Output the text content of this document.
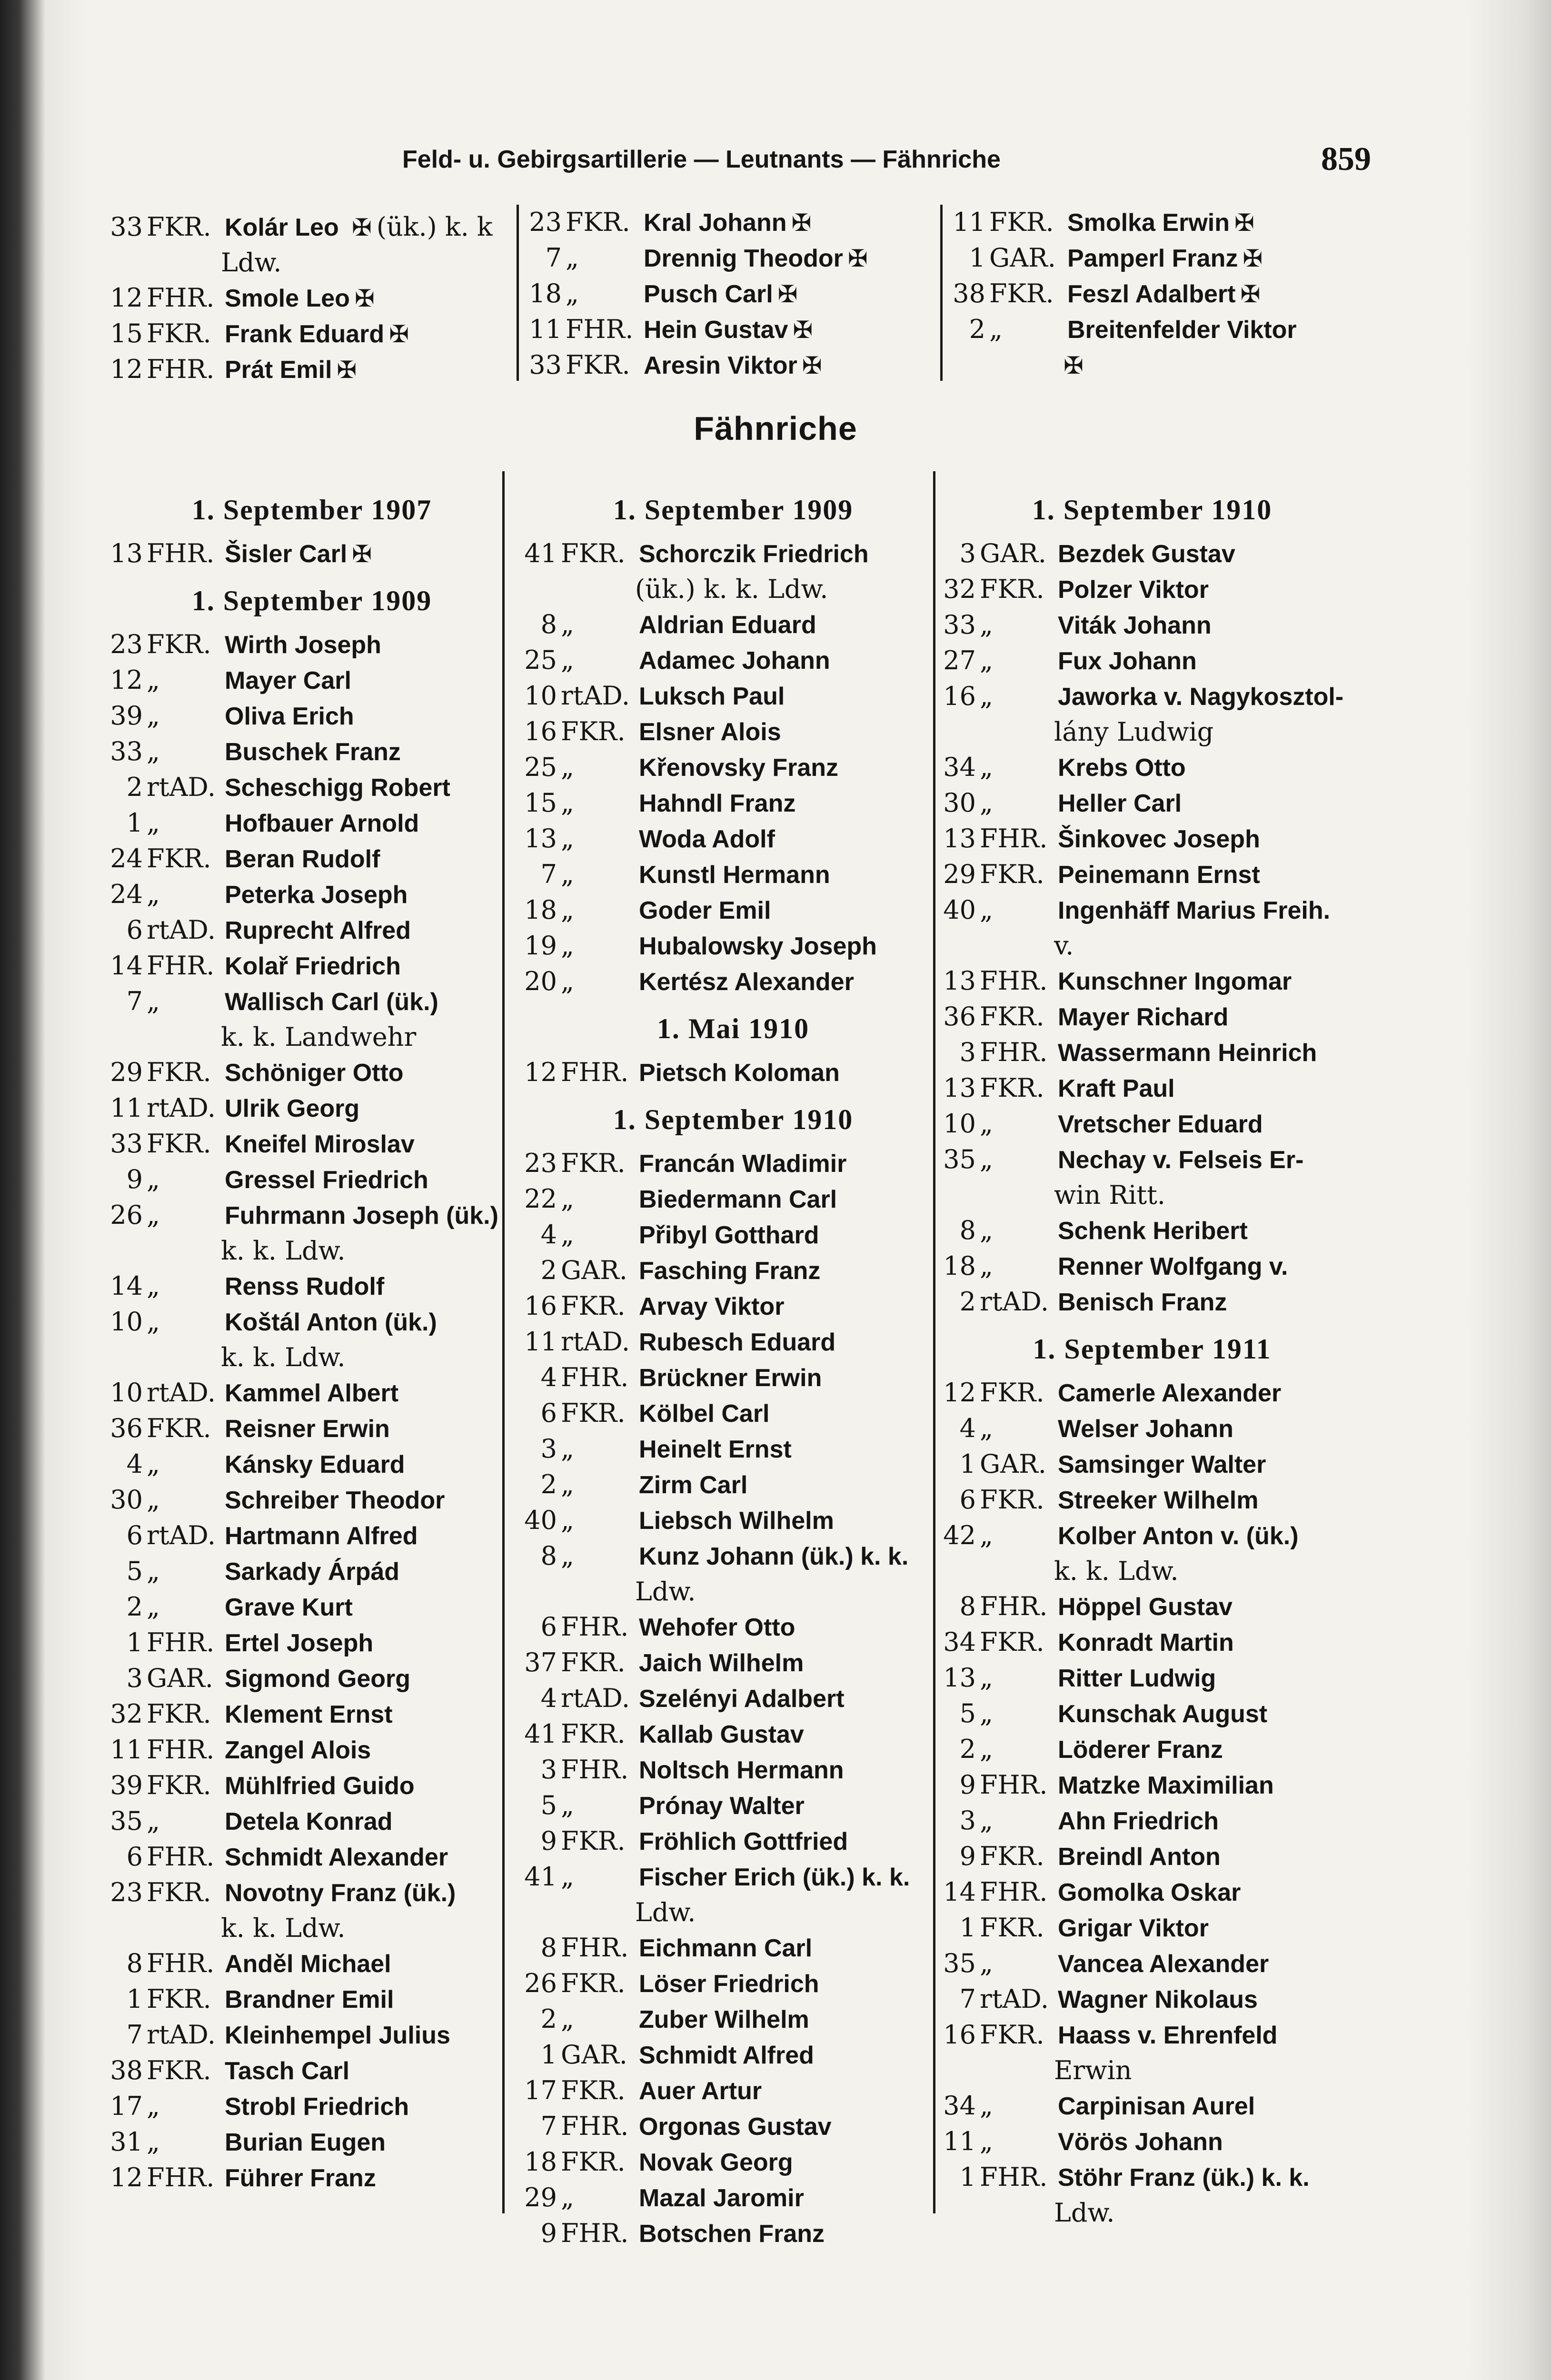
Feld- u. Gebirgsartillerie — Leutnants — Fähnriche	859
33 FKR. Kolár Leo ✠ (ük.) k. k
Ldw.
12 FHR. Smole Leo ✠
15 FKR. Frank Eduard ✠
12 FHR. Prát Emil ✠
23 FKR. Kral Johann ✠
7 „	Drennig Theodor ✠
18 „	Pusch Carl ✠
11 FHR. Hein Gustav ✠
33 FKR. Aresin Viktor ✠
11 FKR. Smolka Erwin ✠
1 GAR. Pamperl Franz ✠
38 FKR. Feszl Adalbert ✠
2 „	Breitenfelder Viktor
✠
Fähnriche
1. September 1907
13 FHR. Šisler Carl ✠
1. September 1909
23 FKR. Wirth Joseph
12 „	Mayer Carl
39 „	Oliva Erich
33 „	Buschek Franz
2 rtAD. Scheschigg Robert
1 „	Hofbauer Arnold
24 FKR. Beran Rudolf
24 „	Peterka Joseph
6 rtAD. Ruprecht Alfred
14 FHR. Kolař Friedrich
7 „	Wallisch Carl (ük.)
k. k. Landwehr
29 FKR. Schöniger Otto
11 rtAD. Ulrik Georg
33 FKR. Kneifel Miroslav
9 „	Gressel Friedrich
26 „	Fuhrmann Joseph (ük.)
k. k. Ldw.
14 „	Renss Rudolf
10 „	Koštál Anton (ük.)
k. k. Ldw.
10 rtAD. Kammel Albert
36 FKR. Reisner Erwin
4 „	Kánsky Eduard
30 „	Schreiber Theodor
6 rtAD. Hartmann Alfred
5 „	Sarkady Árpád
2 „	Grave Kurt
1 FHR. Ertel Joseph
3 GAR. Sigmond Georg
32 FKR. Klement Ernst
11 FHR. Zangel Alois
39 FKR. Mühlfried Guido
35 „	Detela Konrad
6 FHR. Schmidt Alexander
23 FKR. Novotny Franz (ük.)
k. k. Ldw.
8 FHR. Anděl Michael
1 FKR. Brandner Emil
7 rtAD. Kleinhempel Julius
38 FKR. Tasch Carl
17 „	Strobl Friedrich
31 „	Burian Eugen
12 FHR. Führer Franz
1. September 1909
41 FKR. Schorczik Friedrich
(ük.) k. k. Ldw.
8 „	Aldrian Eduard
25 „	Adamec Johann
10 rtAD. Luksch Paul
16 FKR. Elsner Alois
25 „	Křenovsky Franz
15 „	Hahndl Franz
13 „	Woda Adolf
7 „	Kunstl Hermann
18 „	Goder Emil
19 „	Hubalowsky Joseph
20 „	Kertész Alexander
1. Mai 1910
12 FHR. Pietsch Koloman
1. September 1910
23 FKR. Francán Wladimir
22 „	Biedermann Carl
4 „	Přibyl Gotthard
2 GAR. Fasching Franz
16 FKR. Arvay Viktor
11 rtAD. Rubesch Eduard
4 FHR. Brückner Erwin
6 FKR. Kölbel Carl
3 „	Heinelt Ernst
2 „	Zirm Carl
40 „	Liebsch Wilhelm
8 „	Kunz Johann (ük.) k. k.
Ldw.
6 FHR. Wehofer Otto
37 FKR. Jaich Wilhelm
4 rtAD. Szelényi Adalbert
41 FKR. Kallab Gustav
3 FHR. Noltsch Hermann
5 „	Prónay Walter
9 FKR. Fröhlich Gottfried
41 „	Fischer Erich (ük.) k. k.
Ldw.
8 FHR. Eichmann Carl
26 FKR. Löser Friedrich
2 „	Zuber Wilhelm
1 GAR. Schmidt Alfred
17 FKR. Auer Artur
7 FHR. Orgonas Gustav
18 FKR. Novak Georg
29 „	Mazal Jaromir
9 FHR. Botschen Franz
1. September 1910
3 GAR. Bezdek Gustav
32 FKR. Polzer Viktor
33 „	Viták Johann
27 „	Fux Johann
16 „	Jaworka v. Nagykosztol-
lány Ludwig
34 „	Krebs Otto
30 „	Heller Carl
13 FHR. Šinkovec Joseph
29 FKR. Peinemann Ernst
40 „	Ingenhäff Marius Freih.
v.
13 FHR. Kunschner Ingomar
36 FKR. Mayer Richard
3 FHR. Wassermann Heinrich
13 FKR. Kraft Paul
10 „	Vretscher Eduard
35 „	Nechay v. Felseis Er-
win Ritt.
8 „	Schenk Heribert
18 „	Renner Wolfgang v.
2 rtAD. Benisch Franz
1. September 1911
12 FKR. Camerle Alexander
4 „	Welser Johann
1 GAR. Samsinger Walter
6 FKR. Streeker Wilhelm
42 „	Kolber Anton v. (ük.)
k. k. Ldw.
8 FHR. Höppel Gustav
34 FKR. Konradt Martin
13 „	Ritter Ludwig
5 „	Kunschak August
2 „	Löderer Franz
9 FHR. Matzke Maximilian
3 „	Ahn Friedrich
9 FKR. Breindl Anton
14 FHR. Gomolka Oskar
1 FKR. Grigar Viktor
35 „	Vancea Alexander
7 rtAD. Wagner Nikolaus
16 FKR. Haass v. Ehrenfeld
Erwin
34 „	Carpinisan Aurel
11 „	Vörös Johann
1 FHR. Stöhr Franz (ük.) k. k.
Ldw.
